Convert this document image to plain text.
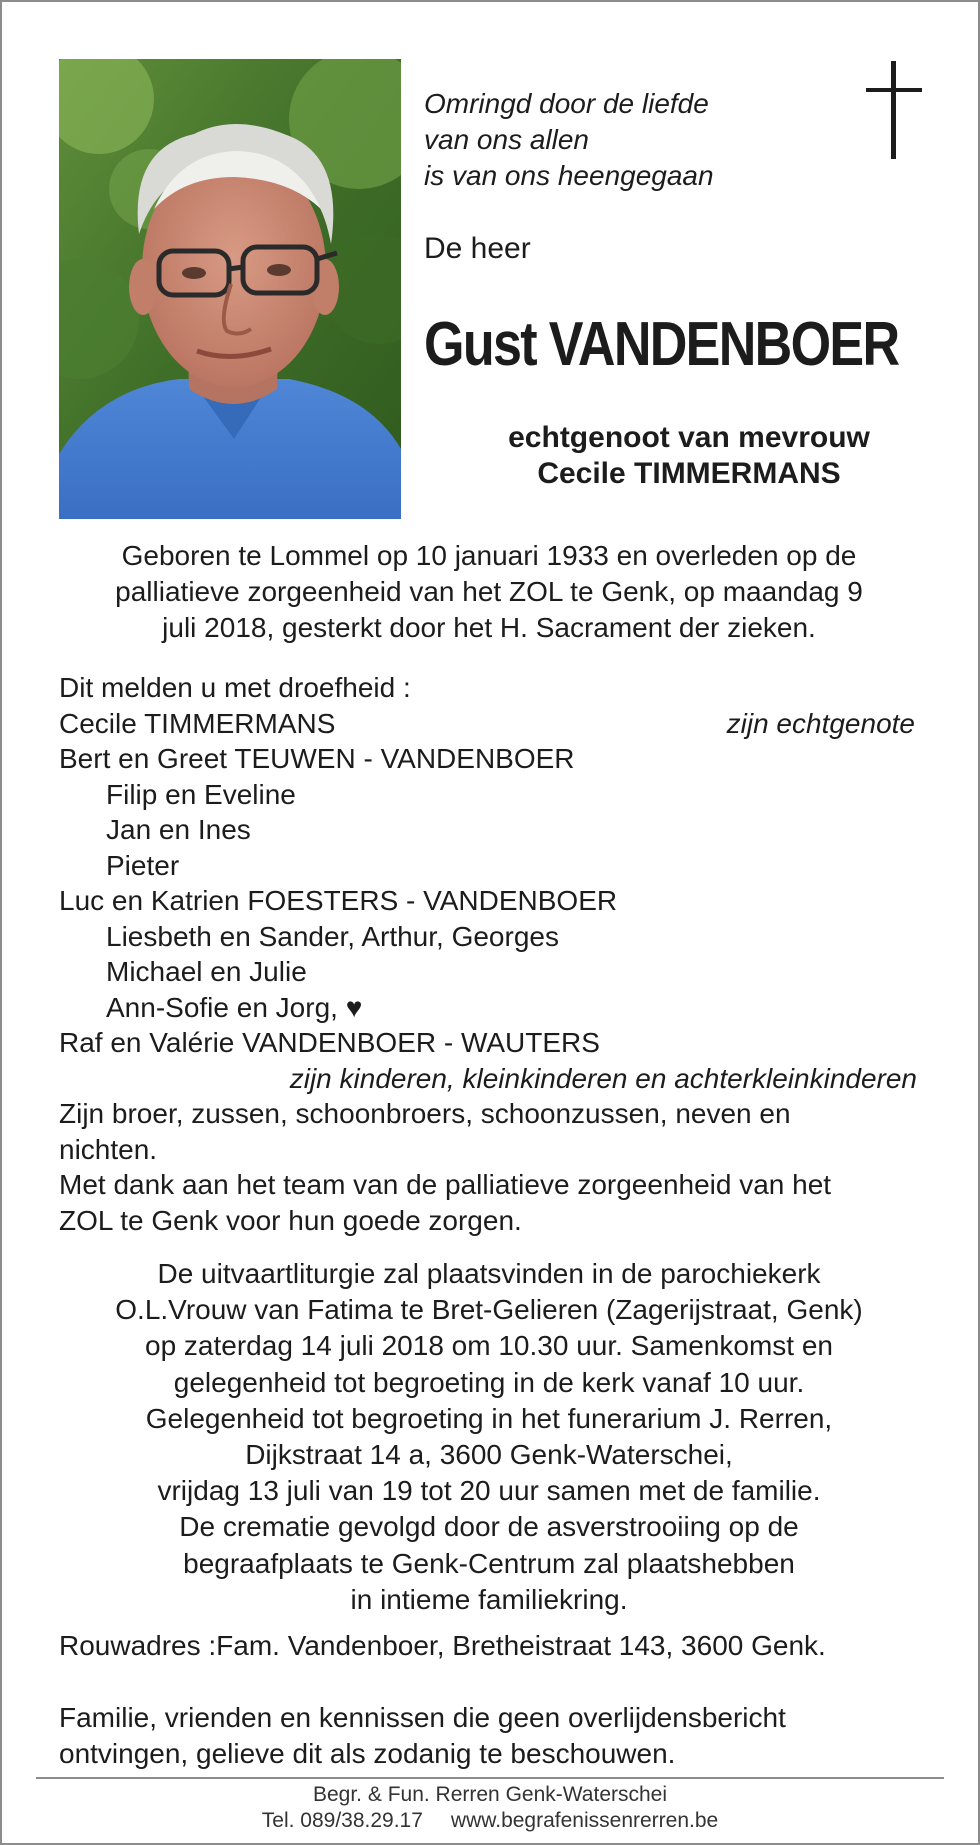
Omringd door de liefde
van ons allen
is van ons heengegaan
De heer
Gust VANDENBOER
echtgenoot van mevrouw
Cecile TIMMERMANS
Geboren te Lommel op 10 januari 1933 en overleden op de
palliatieve zorgeenheid van het ZOL te Genk, op maandag 9
juli 2018, gesterkt door het H. Sacrament der zieken.
Dit melden u met droefheid :
Cecile TIMMERMANS	zijn echtgenote
Bert en Greet TEUWEN - VANDENBOER
Filip en Eveline
Jan en Ines
Pieter
Luc en Katrien FOESTERS - VANDENBOER
Liesbeth en Sander, Arthur, Georges
Michael en Julie
Ann-Sofie en Jorg, ♥
Raf en Valérie VANDENBOER - WAUTERS
zijn kinderen, kleinkinderen en achterkleinkinderen
Zijn broer, zussen, schoonbroers, schoonzussen, neven en
nichten.
Met dank aan het team van de palliatieve zorgeenheid van het
ZOL te Genk voor hun goede zorgen.
De uitvaartliturgie zal plaatsvinden in de parochiekerk
O.L.Vrouw van Fatima te Bret-Gelieren (Zagerijstraat, Genk)
op zaterdag 14 juli 2018 om 10.30 uur. Samenkomst en
gelegenheid tot begroeting in de kerk vanaf 10 uur.
Gelegenheid tot begroeting in het funerarium J. Rerren,
Dijkstraat 14 a, 3600 Genk-Waterschei,
vrijdag 13 juli van 19 tot 20 uur samen met de familie.
De crematie gevolgd door de asverstrooiing op de
begraafplaats te Genk-Centrum zal plaatshebben
in intieme familiekring.
Rouwadres :Fam. Vandenboer, Bretheistraat 143, 3600 Genk.
Familie, vrienden en kennissen die geen overlijdensbericht
ontvingen, gelieve dit als zodanig te beschouwen.
Begr. & Fun. Rerren Genk-Waterschei
Tel. 089/38.29.17 www.begrafenissenrerren.be
